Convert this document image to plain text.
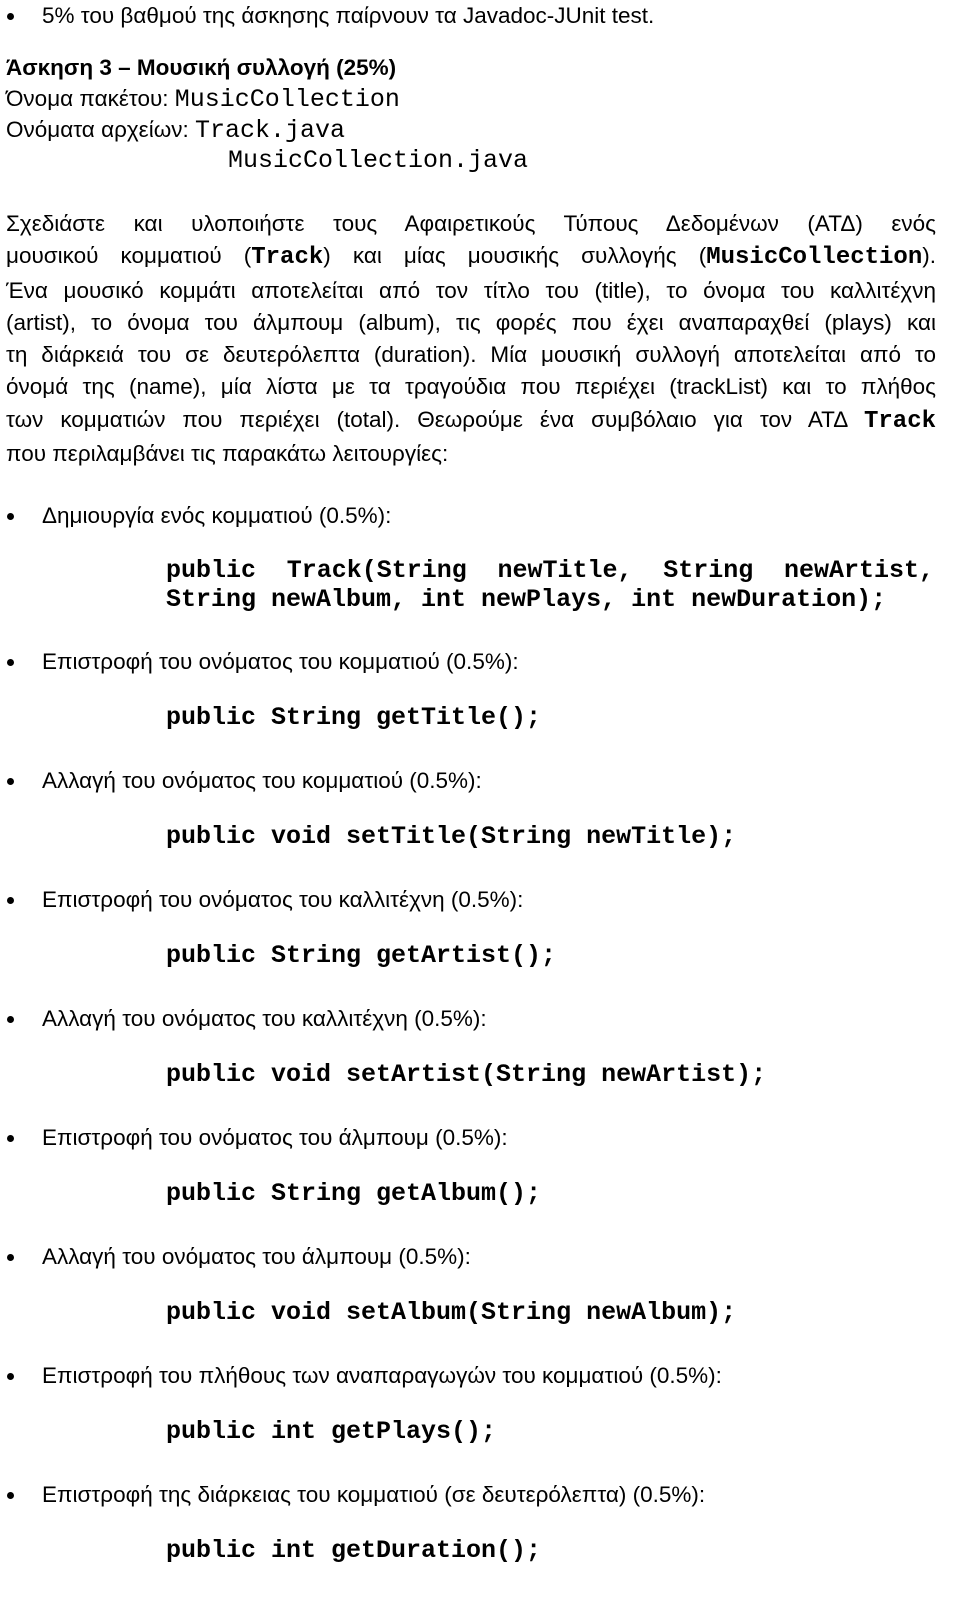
5% του βαθμού της άσκησης παίρνουν τα Javadoc-JUnit test.
Άσκηση 3 – Μουσική συλλογή (25%)
Όνομα πακέτου: MusicCollection
Ονόματα αρχείων: Track.java
MusicCollection.java
Σχεδιάστε και υλοποιήστε τους Αφαιρετικούς Τύπους Δεδομένων (ΑΤΔ) ενός
μουσικού κομματιού (Track) και μίας μουσικής συλλογής (MusicCollection).
Ένα μουσικό κομμάτι αποτελείται από τον τίτλο του (title), το όνομα του καλλιτέχνη
(artist), το όνομα του άλμπουμ (album), τις φορές που έχει αναπαραχθεί (plays) και
τη διάρκειά του σε δευτερόλεπτα (duration). Μία μουσική συλλογή αποτελείται από το
όνομά της (name), μία λίστα με τα τραγούδια που περιέχει (trackList) και το πλήθος
των κομματιών που περιέχει (total). Θεωρούμε ένα συμβόλαιο για τον ΑΤΔ Track
που περιλαμβάνει τις παρακάτω λειτουργίες:
Δημιουργία ενός κομματιού (0.5%):
public Track(String newTitle, String newArtist,
String newAlbum, int newPlays, int newDuration);
Επιστροφή του ονόματος του κομματιού (0.5%):
public String getTitle();
Αλλαγή του ονόματος του κομματιού (0.5%):
public void setTitle(String newTitle);
Επιστροφή του ονόματος του καλλιτέχνη (0.5%):
public String getArtist();
Αλλαγή του ονόματος του καλλιτέχνη (0.5%):
public void setArtist(String newArtist);
Επιστροφή του ονόματος του άλμπουμ (0.5%):
public String getAlbum();
Αλλαγή του ονόματος του άλμπουμ (0.5%):
public void setAlbum(String newAlbum);
Επιστροφή του πλήθους των αναπαραγωγών του κομματιού (0.5%):
public int getPlays();
Επιστροφή της διάρκειας του κομματιού (σε δευτερόλεπτα) (0.5%):
public int getDuration();
